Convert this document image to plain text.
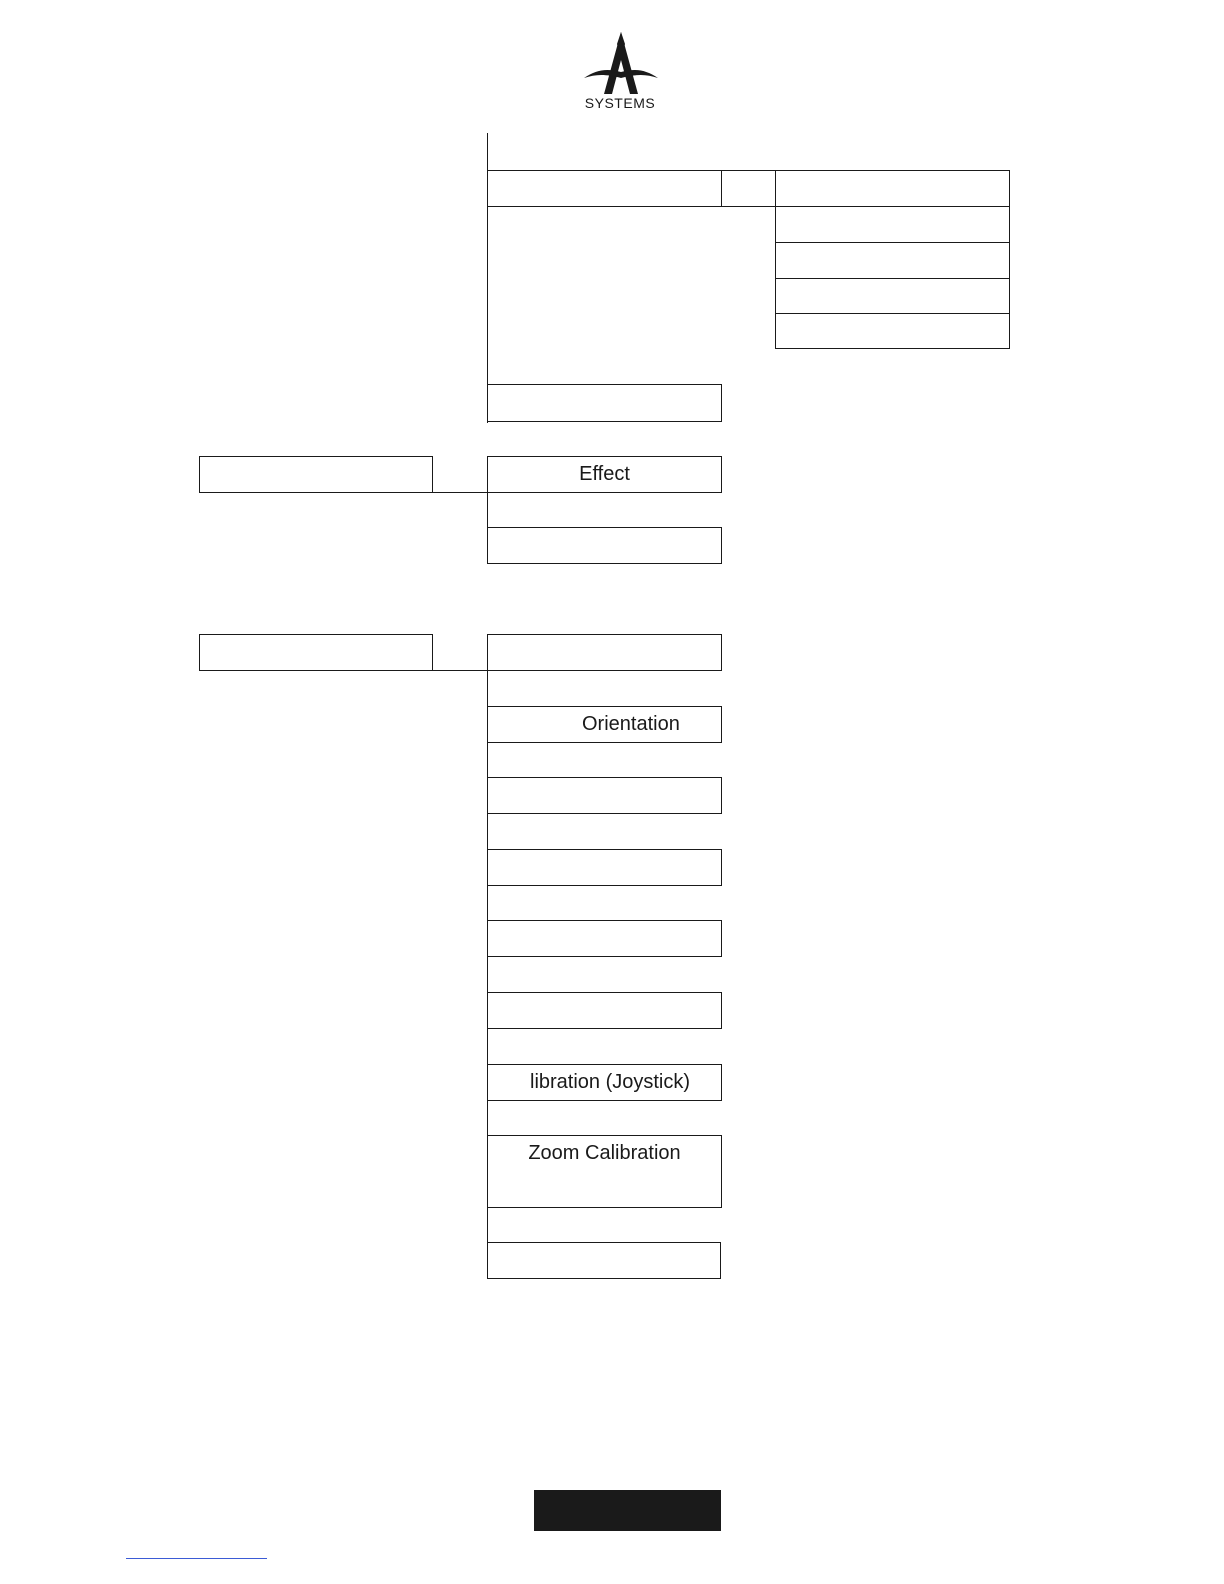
SYSTEMS
Effect
Orientation
libration (Joystick)
Zoom Calibration
